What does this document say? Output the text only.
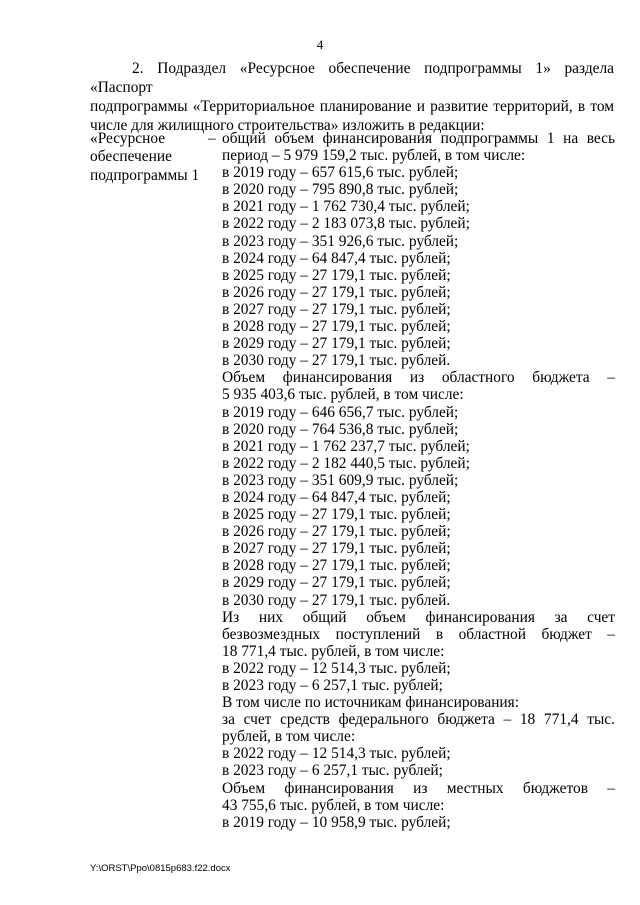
4
2. Подраздел «Ресурсное обеспечение подпрограммы 1» раздела «Паспорт
подпрограммы «Территориальное планирование и развитие территорий, в том
числе для жилищного строительства» изложить в редакции:
«Ресурсное
обеспечение
подпрограммы 1
– общий объем финансирования подпрограммы 1 на весь
период – 5 979 159,2 тыс. рублей, в том числе:
в 2019 году – 657 615,6 тыс. рублей;
в 2020 году – 795 890,8 тыс. рублей;
в 2021 году – 1 762 730,4 тыс. рублей;
в 2022 году – 2 183 073,8 тыс. рублей;
в 2023 году – 351 926,6 тыс. рублей;
в 2024 году – 64 847,4 тыс. рублей;
в 2025 году – 27 179,1 тыс. рублей;
в 2026 году – 27 179,1 тыс. рублей;
в 2027 году – 27 179,1 тыс. рублей;
в 2028 году – 27 179,1 тыс. рублей;
в 2029 году – 27 179,1 тыс. рублей;
в 2030 году – 27 179,1 тыс. рублей.
Объем финансирования из областного бюджета –
5 935 403,6 тыс. рублей, в том числе:
в 2019 году – 646 656,7 тыс. рублей;
в 2020 году – 764 536,8 тыс. рублей;
в 2021 году – 1 762 237,7 тыс. рублей;
в 2022 году – 2 182 440,5 тыс. рублей;
в 2023 году – 351 609,9 тыс. рублей;
в 2024 году – 64 847,4 тыс. рублей;
в 2025 году – 27 179,1 тыс. рублей;
в 2026 году – 27 179,1 тыс. рублей;
в 2027 году – 27 179,1 тыс. рублей;
в 2028 году – 27 179,1 тыс. рублей;
в 2029 году – 27 179,1 тыс. рублей;
в 2030 году – 27 179,1 тыс. рублей.
Из них общий объем финансирования за счет
безвозмездных поступлений в областной бюджет –
18 771,4 тыс. рублей, в том числе:
в 2022 году – 12 514,3 тыс. рублей;
в 2023 году – 6 257,1 тыс. рублей;
В том числе по источникам финансирования:
за счет средств федерального бюджета – 18 771,4 тыс.
рублей, в том числе:
в 2022 году – 12 514,3 тыс. рублей;
в 2023 году – 6 257,1 тыс. рублей;
Объем финансирования из местных бюджетов –
43 755,6 тыс. рублей, в том числе:
в 2019 году – 10 958,9 тыс. рублей;
Y:\ORST\Ppo\0815p683.f22.docx
